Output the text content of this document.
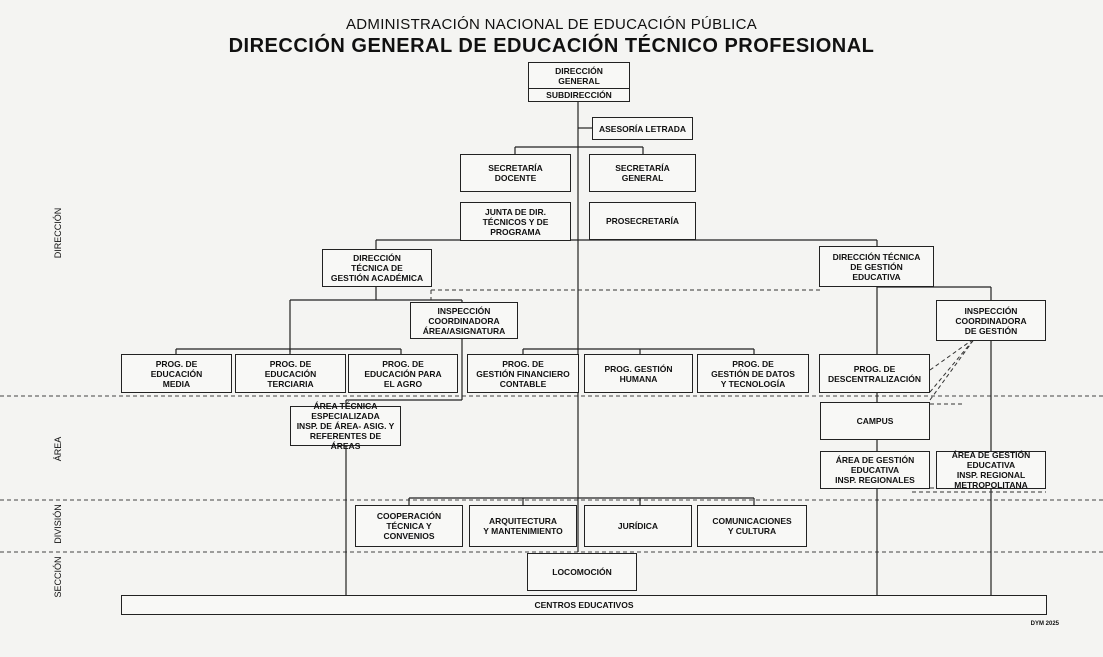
ADMINISTRACIÓN NACIONAL DE EDUCACIÓN PÚBLICA
DIRECCIÓN GENERAL DE EDUCACIÓN TÉCNICO PROFESIONAL
DIRECCIÓN
ÁREA
DIVISIÓN
SECCIÓN
DIRECCIÓN
GENERAL
SUBDIRECCIÓN
ASESORÍA LETRADA
SECRETARÍA
DOCENTE
SECRETARÍA
GENERAL
JUNTA DE DIR.
TÉCNICOS Y DE
PROGRAMA
PROSECRETARÍA
DIRECCIÓN
TÉCNICA DE
GESTIÓN ACADÉMICA
DIRECCIÓN TÉCNICA
DE GESTIÓN
EDUCATIVA
INSPECCIÓN
COORDINADORA
ÁREA/ASIGNATURA
INSPECCIÓN
COORDINADORA
DE GESTIÓN
PROG. DE
EDUCACIÓN
MEDIA
PROG. DE
EDUCACIÓN
TERCIARIA
PROG. DE
EDUCACIÓN PARA
EL AGRO
PROG. DE
GESTIÓN FINANCIERO
CONTABLE
PROG. GESTIÓN
HUMANA
PROG. DE
GESTIÓN DE DATOS
Y TECNOLOGÍA
PROG. DE
DESCENTRALIZACIÓN
ÁREA TÉCNICA
ESPECIALIZADA
INSP. DE ÁREA- ASIG. Y
REFERENTES DE ÁREAS
CAMPUS
ÁREA DE GESTIÓN
EDUCATIVA
INSP. REGIONALES
ÁREA DE GESTIÓN
EDUCATIVA
INSP. REGIONAL
METROPOLITANA
COOPERACIÓN
TÉCNICA Y
CONVENIOS
ARQUITECTURA
Y MANTENIMIENTO	JURÍDICA	COMUNICACIONES
Y CULTURA
LOCOMOCIÓN
CENTROS EDUCATIVOS
DYM 2025
